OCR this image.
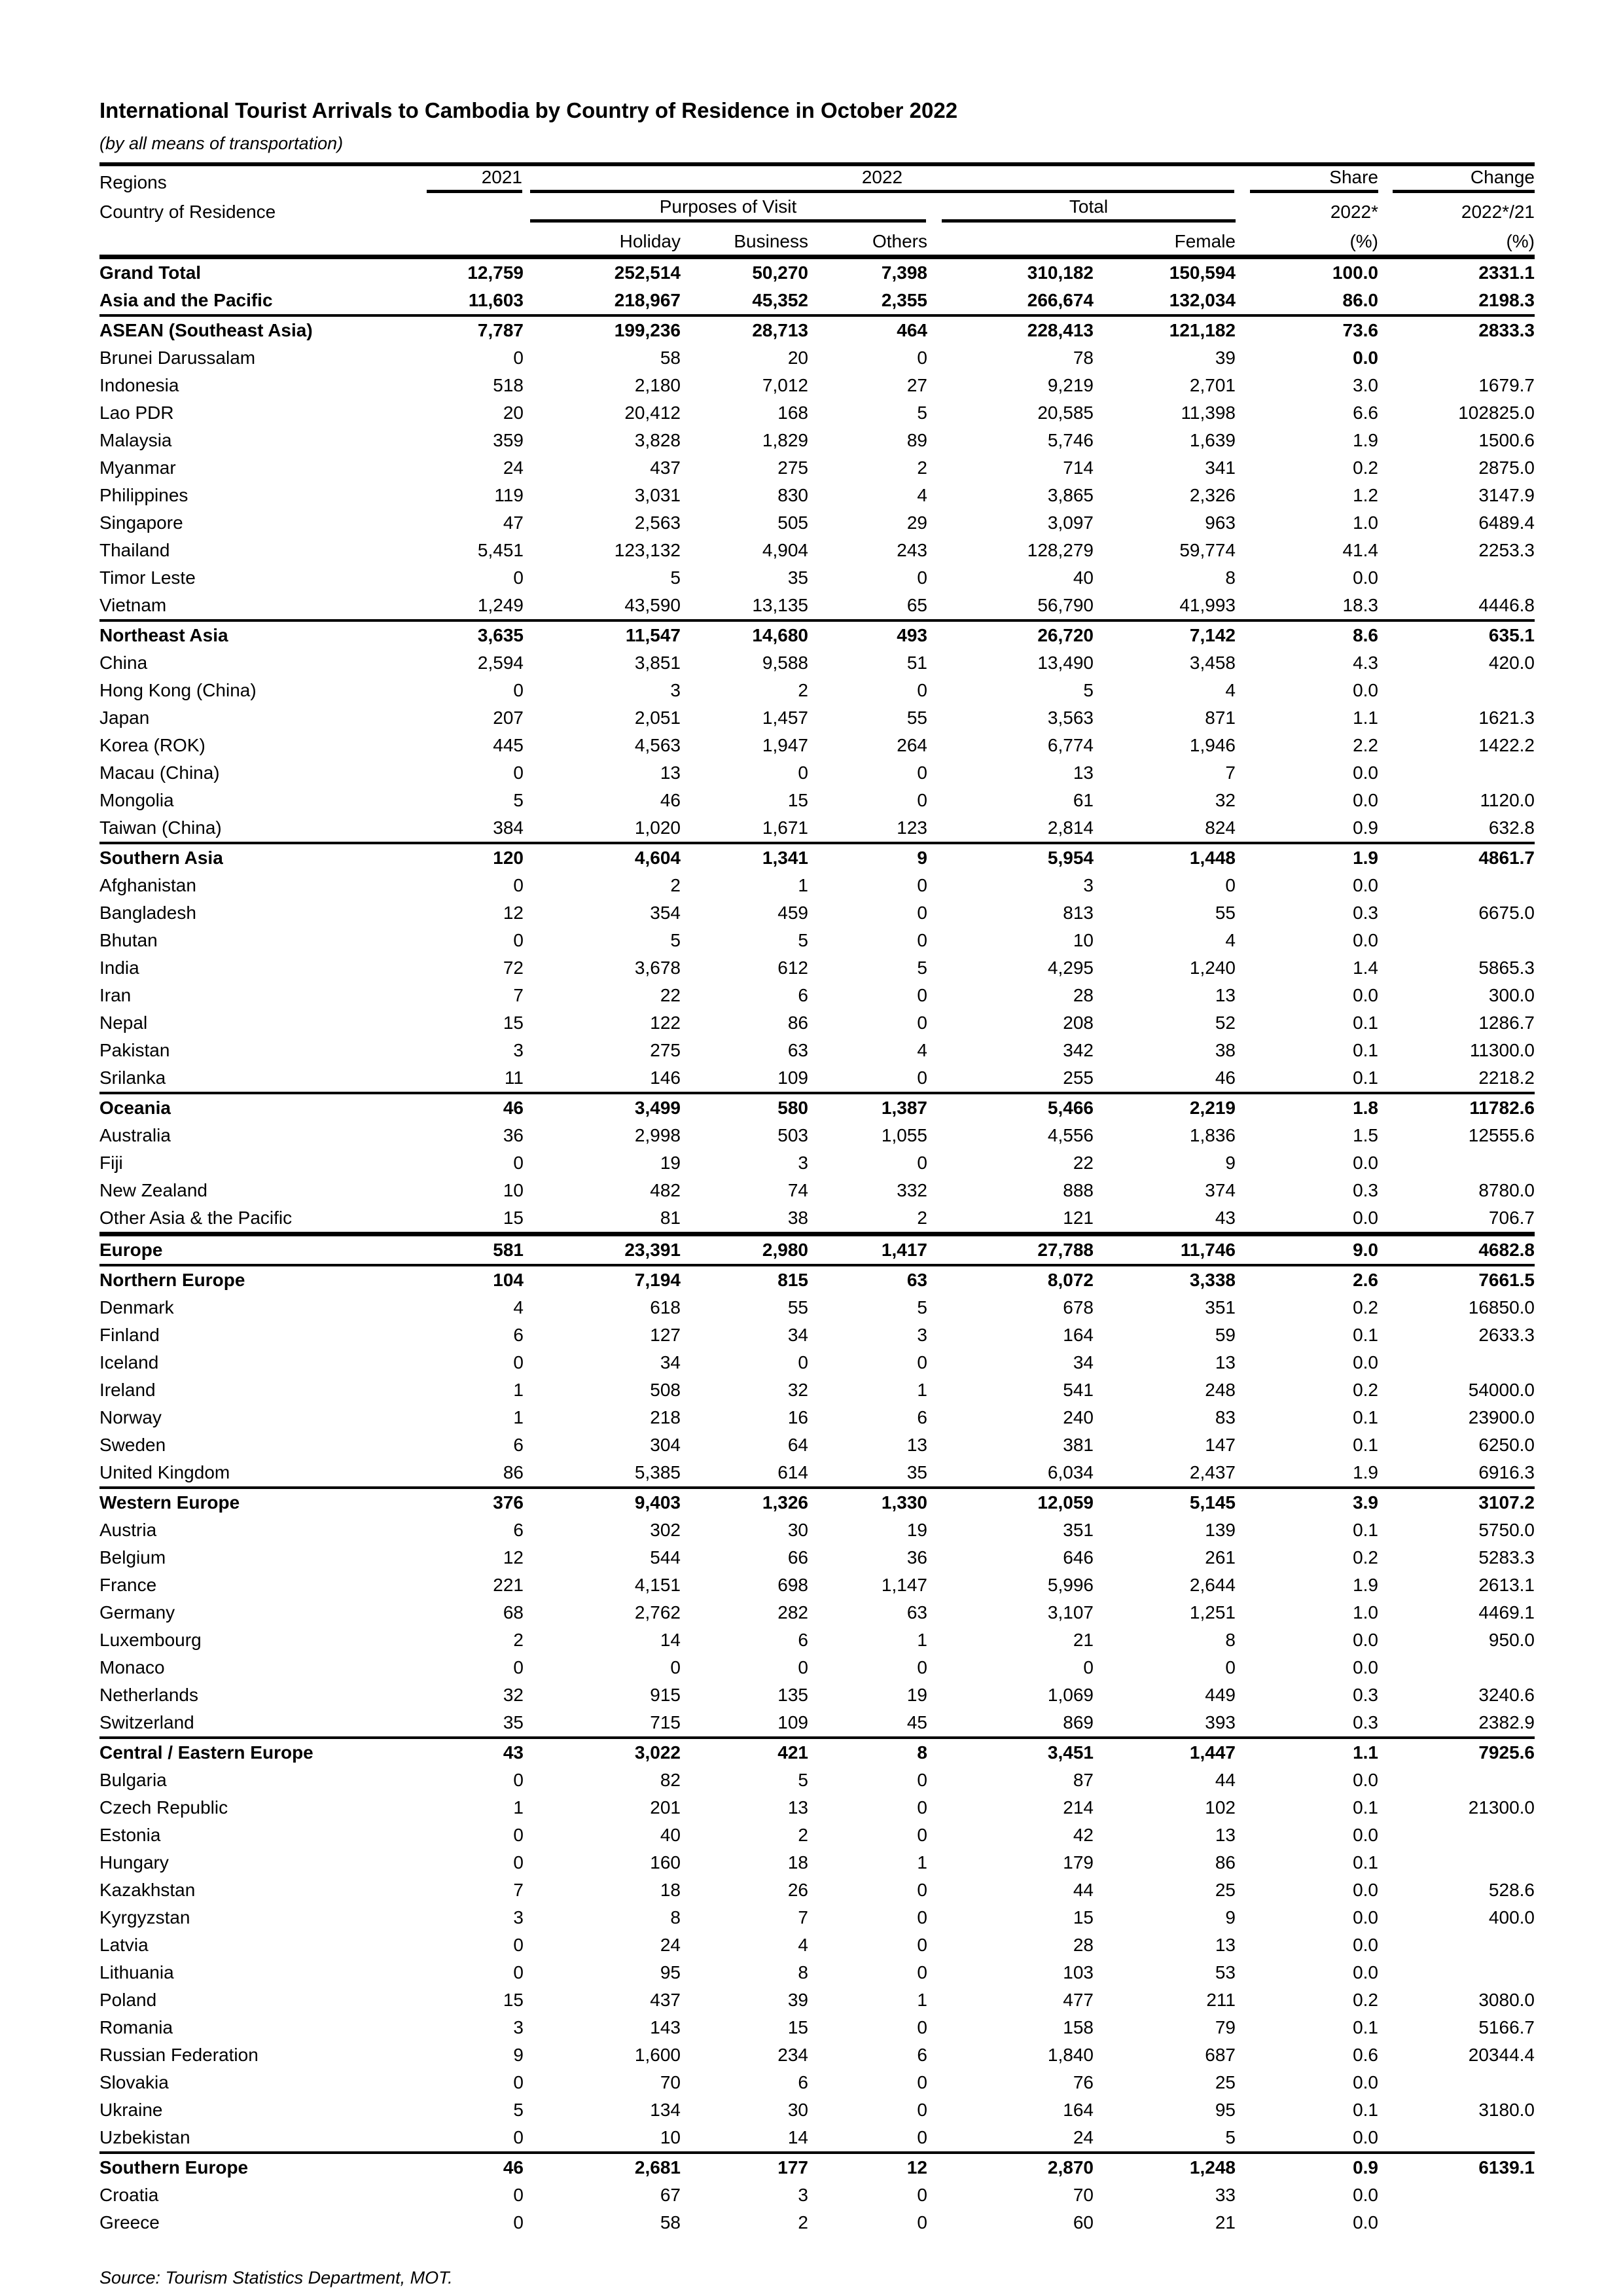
International Tourist Arrivals to Cambodia by Country of Residence in October 2022
(by all means of transportation)
Regions	2021	2022					Share	Change

Country of Residence		Purposes of Visit			Total		2022*	2022*/21
		Holiday	Business	Others		Female	(%)	(%)
Grand Total	12,759	252,514	50,270	7,398	310,182	150,594	100.0	2331.1
Asia and the Pacific	11,603	218,967	45,352	2,355	266,674	132,034	86.0	2198.3
ASEAN (Southeast Asia)	7,787	199,236	28,713	464	228,413	121,182	73.6	2833.3
Brunei Darussalam	0	58	20	0	78	39	0.0	
Indonesia	518	2,180	7,012	27	9,219	2,701	3.0	1679.7
Lao PDR	20	20,412	168	5	20,585	11,398	6.6	102825.0
Malaysia	359	3,828	1,829	89	5,746	1,639	1.9	1500.6
Myanmar	24	437	275	2	714	341	0.2	2875.0
Philippines	119	3,031	830	4	3,865	2,326	1.2	3147.9
Singapore	47	2,563	505	29	3,097	963	1.0	6489.4
Thailand	5,451	123,132	4,904	243	128,279	59,774	41.4	2253.3
Timor Leste	0	5	35	0	40	8	0.0	
Vietnam	1,249	43,590	13,135	65	56,790	41,993	18.3	4446.8
Northeast Asia	3,635	11,547	14,680	493	26,720	7,142	8.6	635.1
China	2,594	3,851	9,588	51	13,490	3,458	4.3	420.0
Hong Kong (China)	0	3	2	0	5	4	0.0	
Japan	207	2,051	1,457	55	3,563	871	1.1	1621.3
Korea (ROK)	445	4,563	1,947	264	6,774	1,946	2.2	1422.2
Macau (China)	0	13	0	0	13	7	0.0	
Mongolia	5	46	15	0	61	32	0.0	1120.0
Taiwan (China)	384	1,020	1,671	123	2,814	824	0.9	632.8
Southern Asia	120	4,604	1,341	9	5,954	1,448	1.9	4861.7
Afghanistan	0	2	1	0	3	0	0.0	
Bangladesh	12	354	459	0	813	55	0.3	6675.0
Bhutan	0	5	5	0	10	4	0.0	
India	72	3,678	612	5	4,295	1,240	1.4	5865.3
Iran	7	22	6	0	28	13	0.0	300.0
Nepal	15	122	86	0	208	52	0.1	1286.7
Pakistan	3	275	63	4	342	38	0.1	11300.0
Srilanka	11	146	109	0	255	46	0.1	2218.2
Oceania	46	3,499	580	1,387	5,466	2,219	1.8	11782.6
Australia	36	2,998	503	1,055	4,556	1,836	1.5	12555.6
Fiji	0	19	3	0	22	9	0.0	
New Zealand	10	482	74	332	888	374	0.3	8780.0
Other Asia & the Pacific	15	81	38	2	121	43	0.0	706.7
Europe	581	23,391	2,980	1,417	27,788	11,746	9.0	4682.8
Northern Europe	104	7,194	815	63	8,072	3,338	2.6	7661.5
Denmark	4	618	55	5	678	351	0.2	16850.0
Finland	6	127	34	3	164	59	0.1	2633.3
Iceland	0	34	0	0	34	13	0.0	
Ireland	1	508	32	1	541	248	0.2	54000.0
Norway	1	218	16	6	240	83	0.1	23900.0
Sweden	6	304	64	13	381	147	0.1	6250.0
United Kingdom	86	5,385	614	35	6,034	2,437	1.9	6916.3
Western Europe	376	9,403	1,326	1,330	12,059	5,145	3.9	3107.2
Austria	6	302	30	19	351	139	0.1	5750.0
Belgium	12	544	66	36	646	261	0.2	5283.3
France	221	4,151	698	1,147	5,996	2,644	1.9	2613.1
Germany	68	2,762	282	63	3,107	1,251	1.0	4469.1
Luxembourg	2	14	6	1	21	8	0.0	950.0
Monaco	0	0	0	0	0	0	0.0	
Netherlands	32	915	135	19	1,069	449	0.3	3240.6
Switzerland	35	715	109	45	869	393	0.3	2382.9
Central / Eastern Europe	43	3,022	421	8	3,451	1,447	1.1	7925.6
Bulgaria	0	82	5	0	87	44	0.0	
Czech Republic	1	201	13	0	214	102	0.1	21300.0
Estonia	0	40	2	0	42	13	0.0	
Hungary	0	160	18	1	179	86	0.1	
Kazakhstan	7	18	26	0	44	25	0.0	528.6
Kyrgyzstan	3	8	7	0	15	9	0.0	400.0
Latvia	0	24	4	0	28	13	0.0	
Lithuania	0	95	8	0	103	53	0.0	
Poland	15	437	39	1	477	211	0.2	3080.0
Romania	3	143	15	0	158	79	0.1	5166.7
Russian Federation	9	1,600	234	6	1,840	687	0.6	20344.4
Slovakia	0	70	6	0	76	25	0.0	
Ukraine	5	134	30	0	164	95	0.1	3180.0
Uzbekistan	0	10	14	0	24	5	0.0	
Southern Europe	46	2,681	177	12	2,870	1,248	0.9	6139.1
Croatia	0	67	3	0	70	33	0.0	
Greece	0	58	2	0	60	21	0.0	
Source: Tourism Statistics Department, MOT.
